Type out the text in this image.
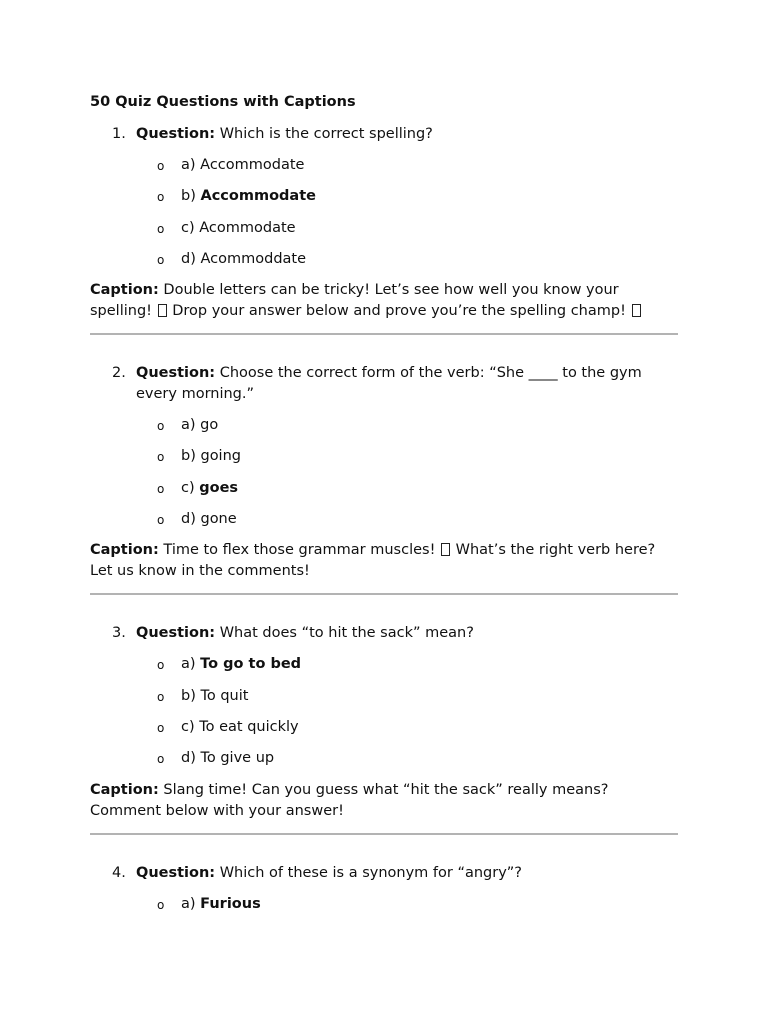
50 Quiz Questions with Captions
1. Question: Which is the correct spelling?
o a) Accommodate
o b) Accommodate
o c) Acommodate
o d) Acommoddate
Caption: Double letters can be tricky! Let’s see how well you know your spelling!  Drop your answer below and prove you’re the spelling champ!
2. Question: Choose the correct form of the verb: “She ____ to the gym every morning.”
o a) go
o b) going
o c) goes
o d) gone
Caption: Time to flex those grammar muscles!  What’s the right verb here? Let us know in the comments!
3. Question: What does “to hit the sack” mean?
o a) To go to bed
o b) To quit
o c) To eat quickly
o d) To give up
Caption: Slang time! Can you guess what “hit the sack” really means? Comment below with your answer!
4. Question: Which of these is a synonym for “angry”?
o a) Furious
